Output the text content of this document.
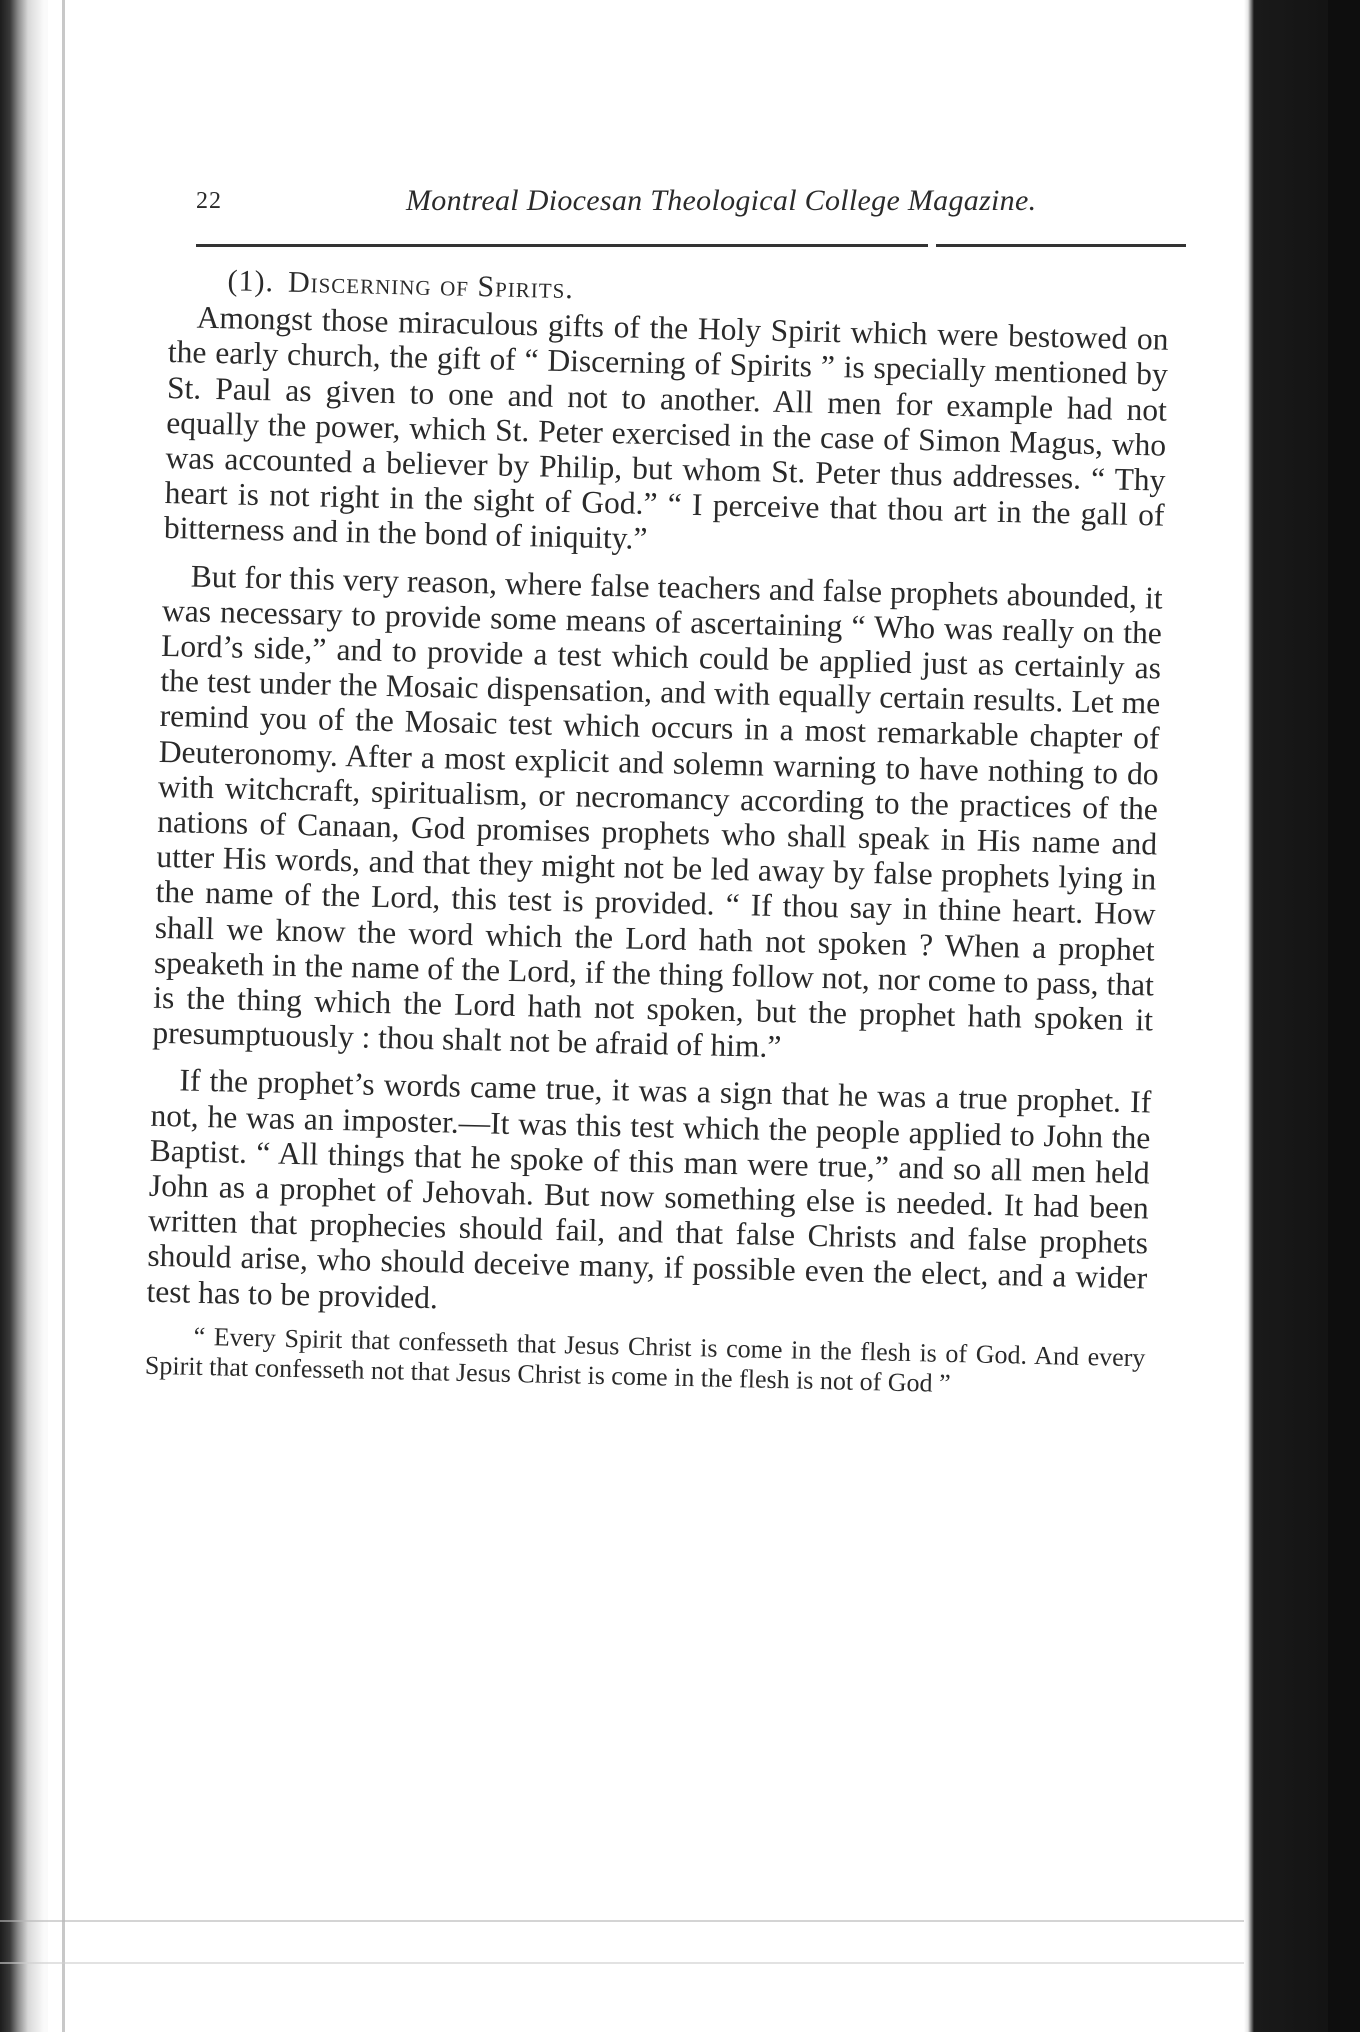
22	Montreal Diocesan Theological College Magazine.
(1). Discerning of Spirits.

Amongst those miraculous gifts of the Holy Spirit which were bestowed on the early church, the gift of “ Discerning of Spirits ” is specially mentioned by St. Paul as given to one and not to another. All men for example had not equally the power, which St. Peter exercised in the case of Simon Magus, who was accounted a believer by Philip, but whom St. Peter thus addresses. “ Thy heart is not right in the sight of God.” “ I perceive that thou art in the gall of bitterness and in the bond of iniquity.”

But for this very reason, where false teachers and false prophets abounded, it was necessary to provide some means of ascertaining “ Who was really on the Lord’s side,” and to provide a test which could be applied just as certainly as the test under the Mosaic dispensation, and with equally certain results. Let me remind you of the Mosaic test which occurs in a most remarkable chapter of Deuteronomy. After a most explicit and solemn warning to have nothing to do with witchcraft, spiritualism, or necromancy according to the practices of the nations of Canaan, God promises prophets who shall speak in His name and utter His words, and that they might not be led away by false prophets lying in the name of the Lord, this test is provided. “ If thou say in thine heart. How shall we know the word which the Lord hath not spoken ? When a prophet speaketh in the name of the Lord, if the thing follow not, nor come to pass, that is the thing which the Lord hath not spoken, but the prophet hath spoken it presumptuously : thou shalt not be afraid of him.”

If the prophet’s words came true, it was a sign that he was a true prophet. If not, he was an imposter.—It was this test which the people applied to John the Baptist. “ All things that he spoke of this man were true,” and so all men held John as a prophet of Jehovah. But now something else is needed. It had been written that prophecies should fail, and that false Christs and false prophets should arise, who should deceive many, if possible even the elect, and a wider test has to be provided.

“ Every Spirit that confesseth that Jesus Christ is come in the flesh is of God. And every Spirit that confesseth not that Jesus Christ is come in the flesh is not of God ”
